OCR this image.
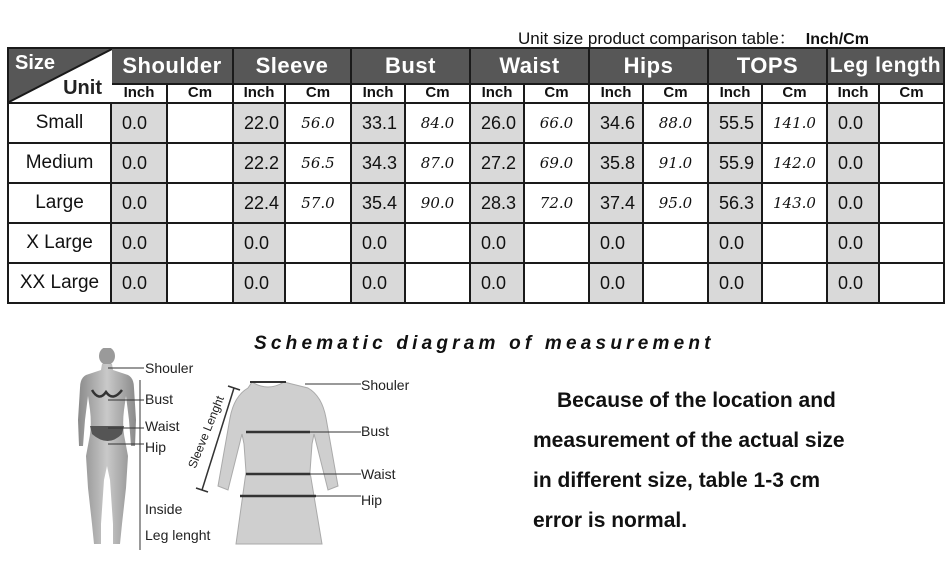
Unit size product comparison table： Inch/Cm
Size
Unit	Shoulder		Sleeve		Bust		Waist		Hips		TOPS		Leg length	
	Inch	Cm	Inch	Cm	Inch	Cm	Inch	Cm	Inch	Cm	Inch	Cm	Inch	Cm
Small	0.0		22.0	56.0	33.1	84.0	26.0	66.0	34.6	88.0	55.5	141.0	0.0	
Medium	0.0		22.2	56.5	34.3	87.0	27.2	69.0	35.8	91.0	55.9	142.0	0.0	
Large	0.0		22.4	57.0	35.4	90.0	28.3	72.0	37.4	95.0	56.3	143.0	0.0	
X Large	0.0		0.0		0.0		0.0		0.0		0.0		0.0	
XX Large	0.0		0.0		0.0		0.0		0.0		0.0		0.0	
Schematic diagram of measurement
Shouler
Bust
Waist
Hip
Inside
Leg lenght
Shouler
Bust
Waist
Hip
Sleeve Lenght	Because of the location and
measurement of the actual size
in different size, table 1-3 cm
error is normal.
